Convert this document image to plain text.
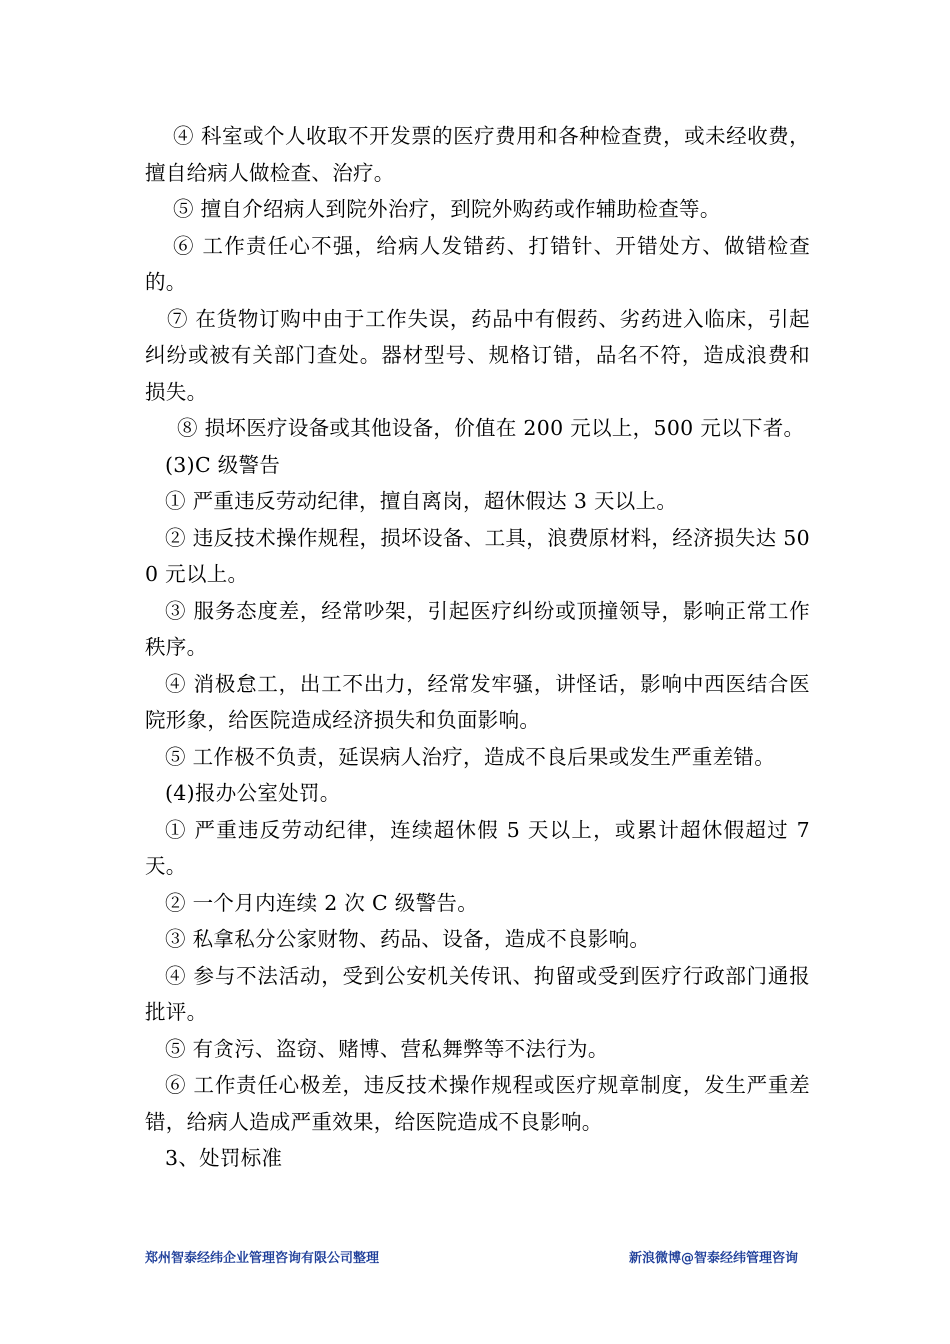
④ 科室或个人收取不开发票的医疗费用和各种检查费，或未经收费，擅自给病人做检查、治疗。

⑤ 擅自介绍病人到院外治疗，到院外购药或作辅助检查等。

⑥ 工作责任心不强，给病人发错药、打错针、开错处方、做错检查的。

⑦ 在货物订购中由于工作失误，药品中有假药、劣药进入临床，引起纠纷或被有关部门查处。器材型号、规格订错，品名不符，造成浪费和损失。

⑧ 损坏医疗设备或其他设备，价值在 200 元以上，500 元以下者。

(3)C 级警告

① 严重违反劳动纪律，擅自离岗，超休假达 3 天以上。

② 违反技术操作规程，损坏设备、工具，浪费原材料，经济损失达 500 元以上。

③ 服务态度差，经常吵架，引起医疗纠纷或顶撞领导，影响正常工作秩序。

④ 消极怠工，出工不出力，经常发牢骚，讲怪话，影响中西医结合医院形象，给医院造成经济损失和负面影响。

⑤ 工作极不负责，延误病人治疗，造成不良后果或发生严重差错。

(4)报办公室处罚。

① 严重违反劳动纪律，连续超休假 5 天以上，或累计超休假超过 7 天。

② 一个月内连续 2 次 C 级警告。

③ 私拿私分公家财物、药品、设备，造成不良影响。

④ 参与不法活动，受到公安机关传讯、拘留或受到医疗行政部门通报批评。

⑤ 有贪污、盗窃、赌博、营私舞弊等不法行为。

⑥ 工作责任心极差，违反技术操作规程或医疗规章制度，发生严重差错，给病人造成严重效果，给医院造成不良影响。

3、处罚标准

郑州智泰经纬企业管理咨询有限公司整理	新浪微博@智泰经纬管理咨询
